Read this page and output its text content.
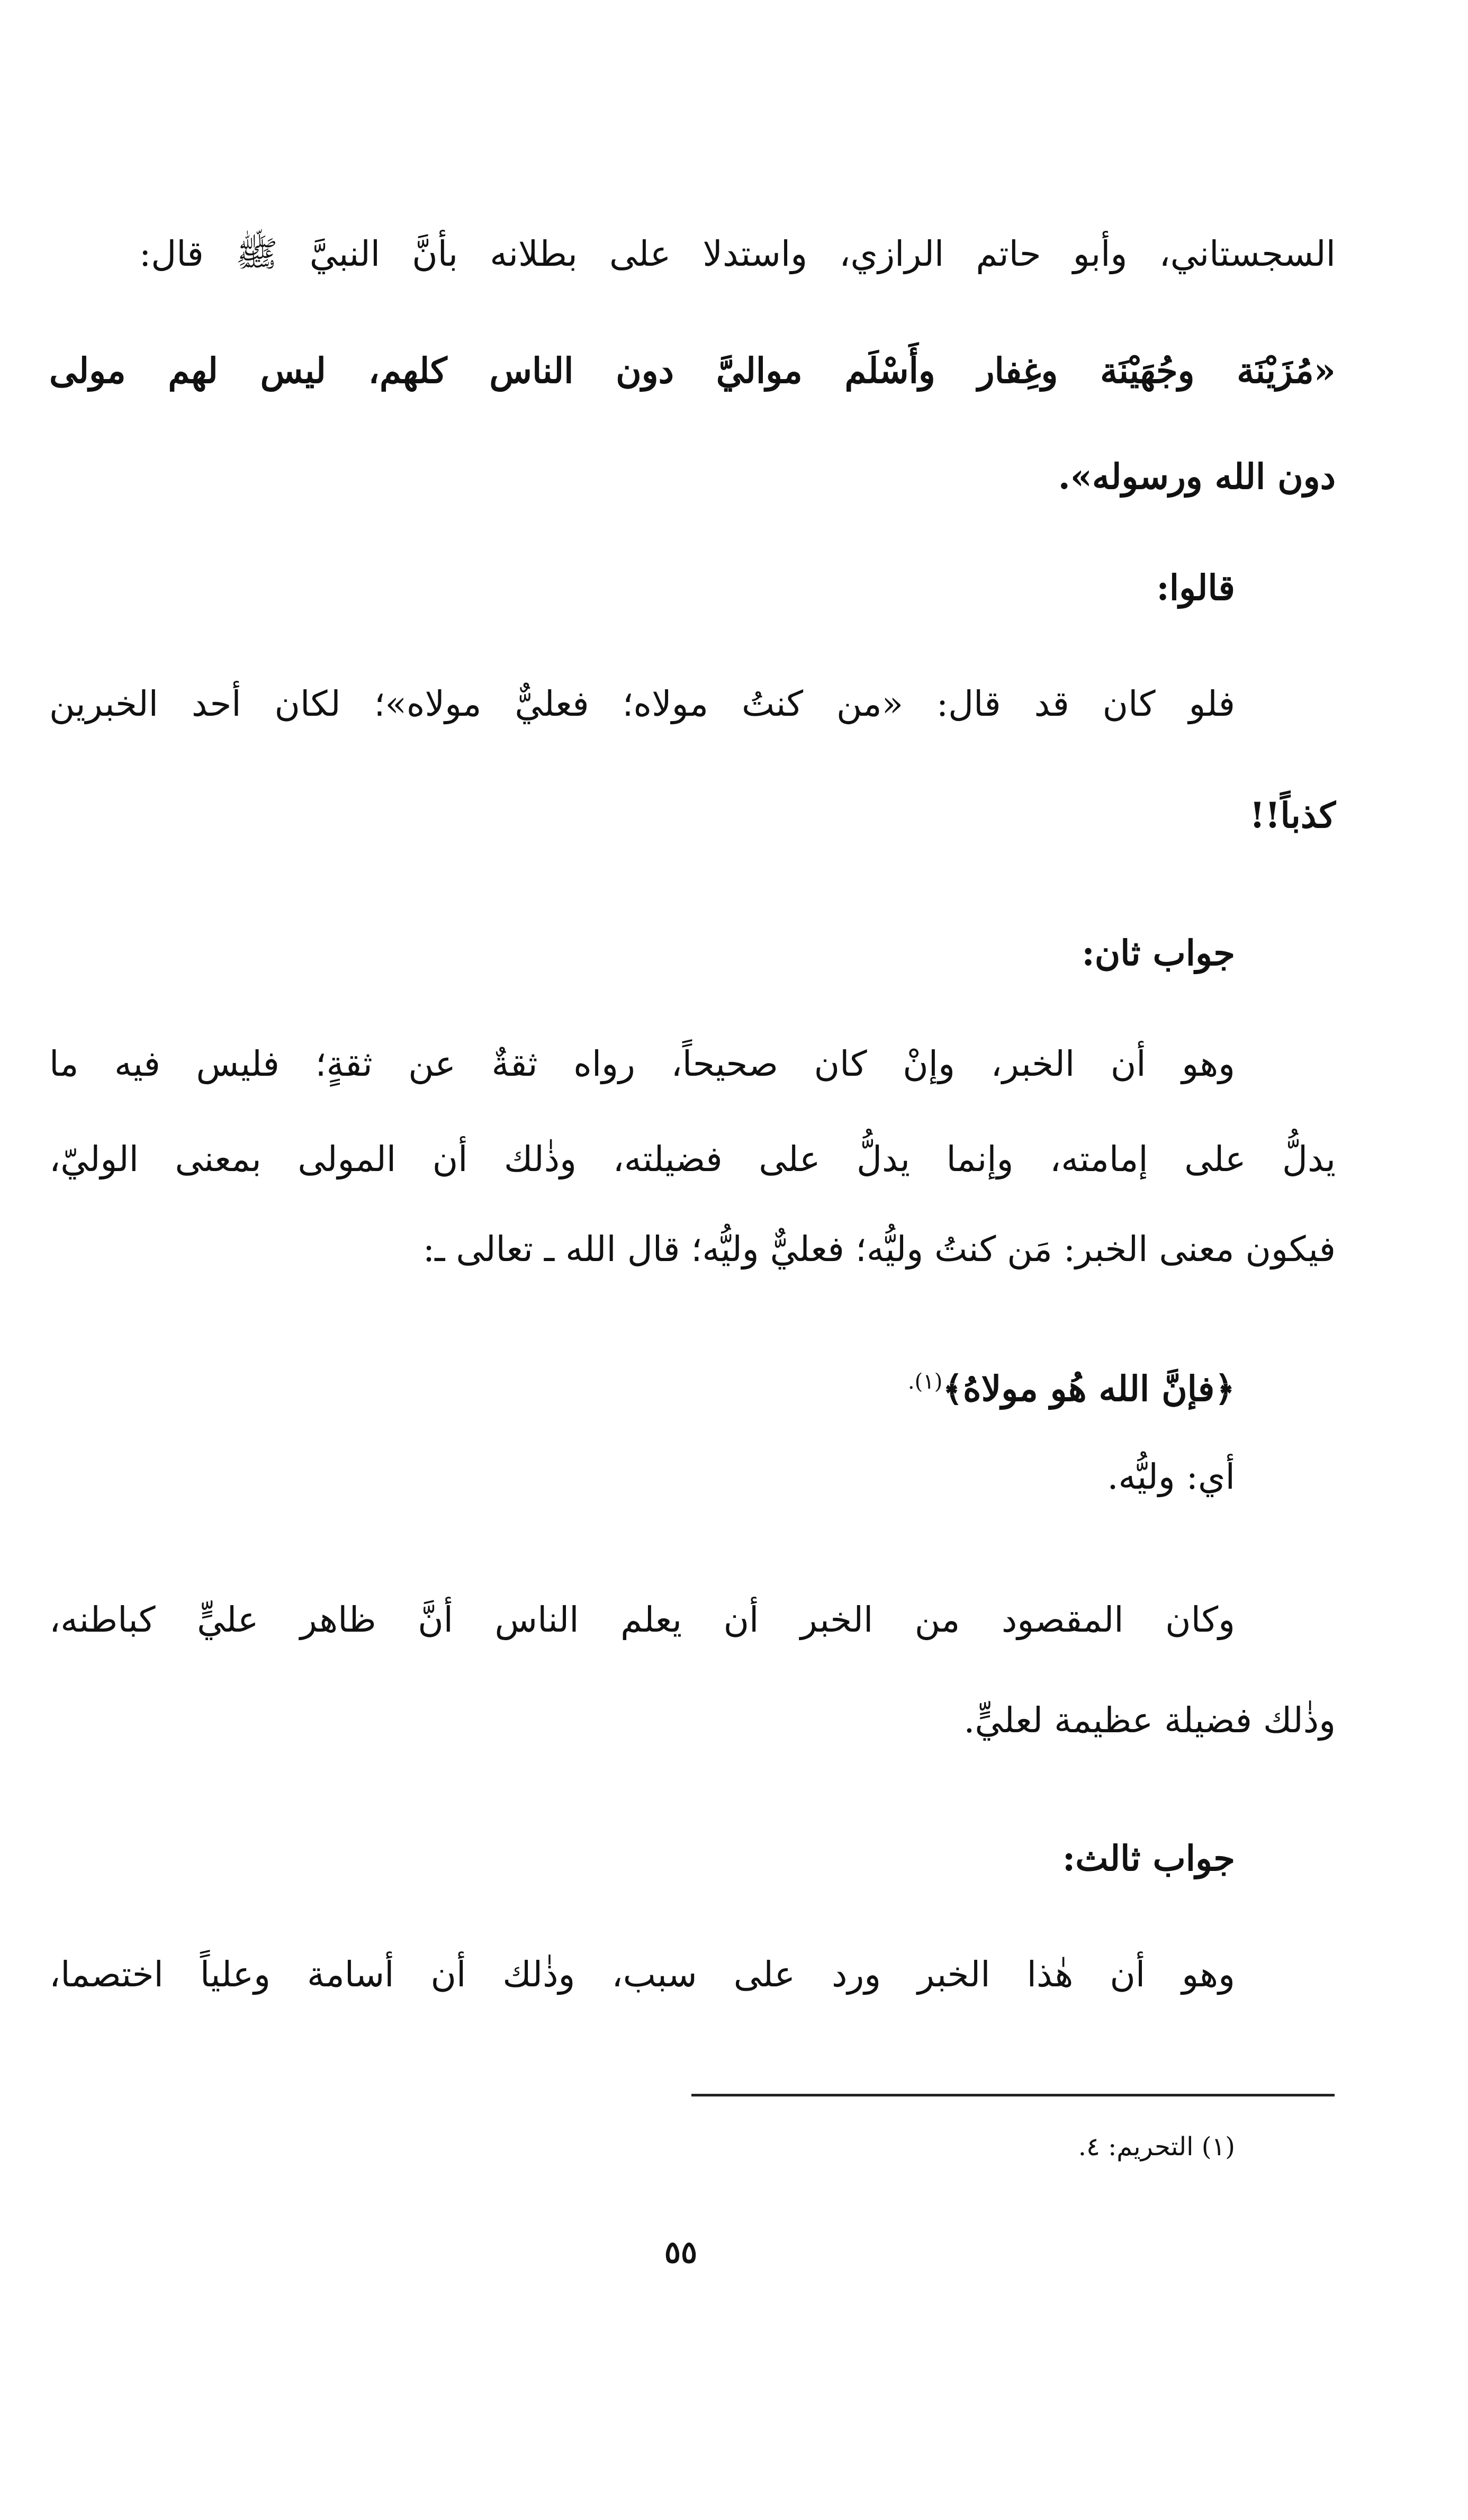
السجستاني، وأبو حاتم الرازي، واستدلا على بطلانه بأنَّ النبيَّ ﷺ قال:
«مُزَيْنَة وجُهَيْنَة وغِفار وأَسْلَم مواليَّ دون الناس كلهم، ليس لهم مولى
دون الله ورسوله».
قالوا:
فلو كان قد قال: «من كنتُ مولاه؛ فعليٌّ مولاه»؛ لكان أحد الخبرين
كذباً!!
جواب ثان:
وهو أن الخبر، وإنْ كان صحيحاً، رواه ثقةٌ عن ثقةٍ؛ فليس فيه ما
يدلُّ على إمامته، وإنما يدلُّ على فضيلته، وذٰلك أن المولى بمعنى الوليّ،
فيكون معنى الخبر: مَن كنتُ وليُّه؛ فعليٌّ وليُّه؛ قال الله ـ تعالى ـ:
﴿فإنَّ الله هُو مولاهُ﴾$^{(١).}$
أي: وليُّه.
وكان المقصود من الخبر أن يعلم الناس أنَّ ظاهر عليٍّ كباطنه،
وذٰلك فضيلة عظيمة لعليٍّ.
جواب ثالث:
وهو أن هٰذا الخبر ورد على سبب، وذٰلك أن أسامة وعلياً اختصما،
(١) التحريم: ٤.
٥٥
